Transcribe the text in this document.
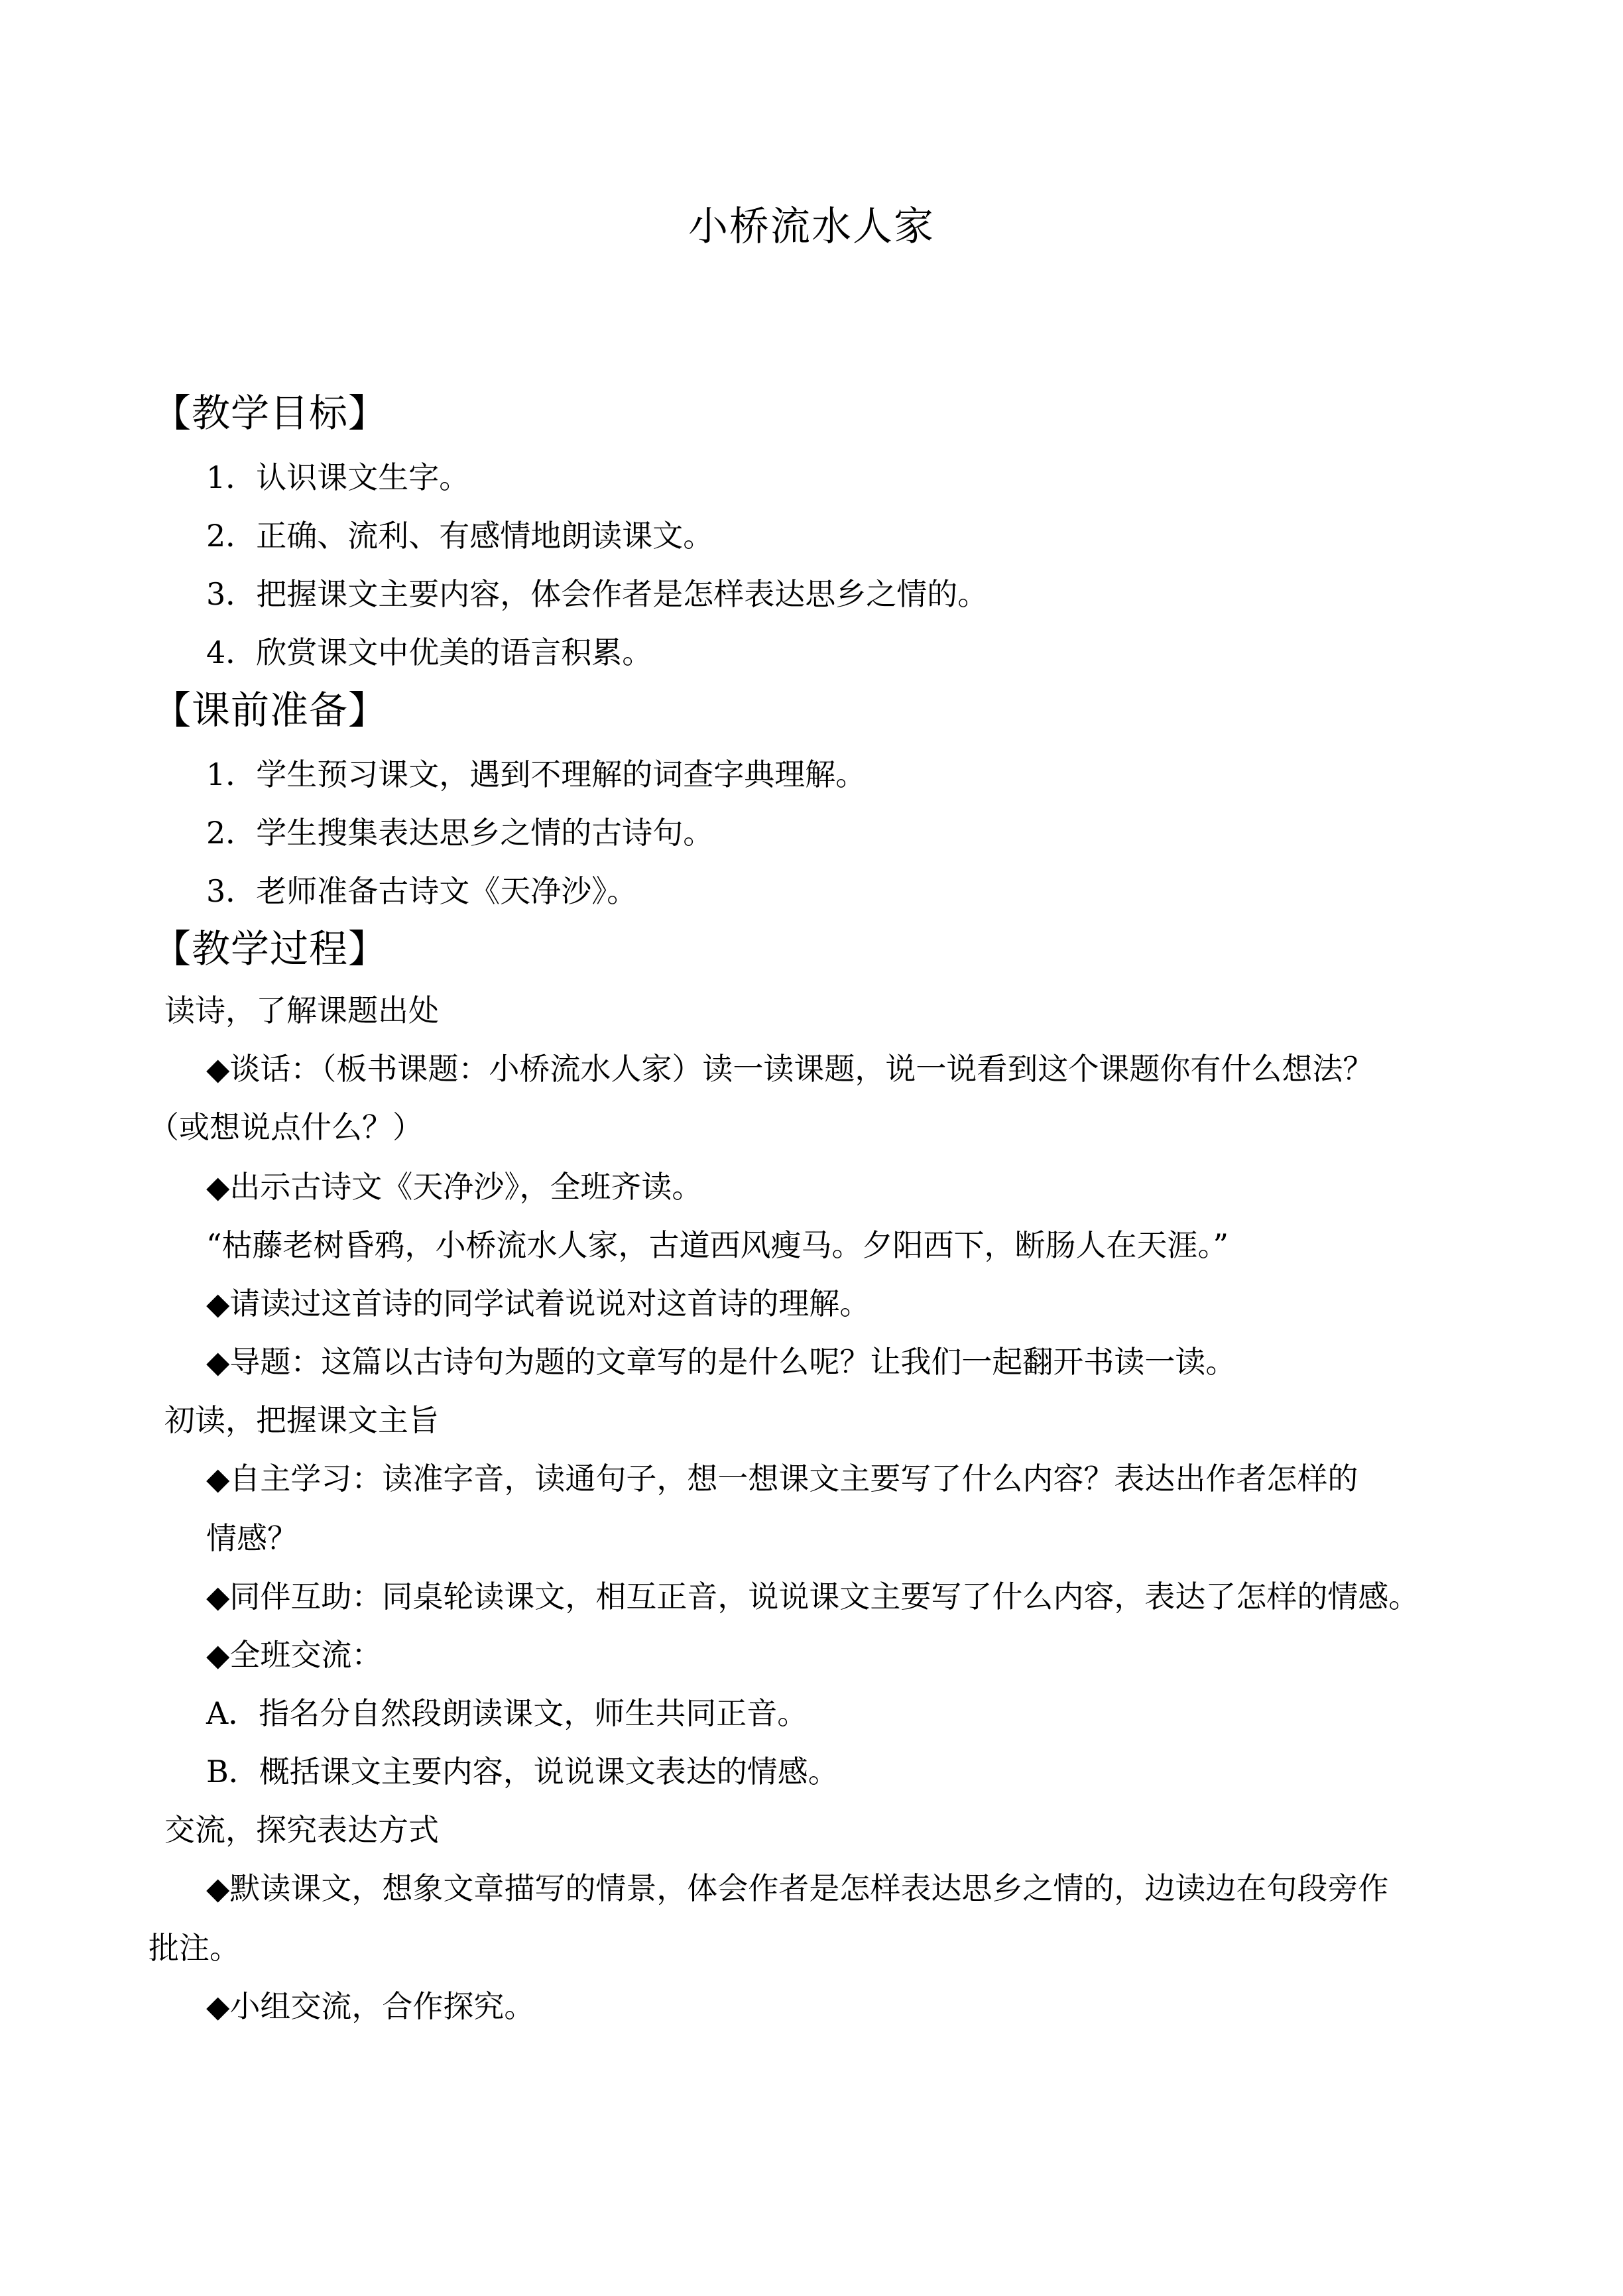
小桥流水人家
【教学目标】
1．认识课文生字。
2．正确、流利、有感情地朗读课文。
3．把握课文主要内容，体会作者是怎样表达思乡之情的。
4．欣赏课文中优美的语言积累。
【课前准备】
1．学生预习课文，遇到不理解的词查字典理解。
2．学生搜集表达思乡之情的古诗句。
3．老师准备古诗文《天净沙》。
【教学过程】
读诗，了解课题出处
◆谈话：（板书课题：小桥流水人家）读一读课题，说一说看到这个课题你有什么想法？
（或想说点什么？）
◆出示古诗文《天净沙》，全班齐读。
“枯藤老树昏鸦，小桥流水人家，古道西风瘦马。夕阳西下，断肠人在天涯。”
◆请读过这首诗的同学试着说说对这首诗的理解。
◆导题：这篇以古诗句为题的文章写的是什么呢？让我们一起翻开书读一读。
初读，把握课文主旨
◆自主学习：读准字音，读通句子，想一想课文主要写了什么内容？表达出作者怎样的
情感？
◆同伴互助：同桌轮读课文，相互正音，说说课文主要写了什么内容，表达了怎样的情感。
◆全班交流：
A．指名分自然段朗读课文，师生共同正音。
B．概括课文主要内容，说说课文表达的情感。
交流，探究表达方式
◆默读课文，想象文章描写的情景，体会作者是怎样表达思乡之情的，边读边在句段旁作
批注。
◆小组交流，合作探究。
